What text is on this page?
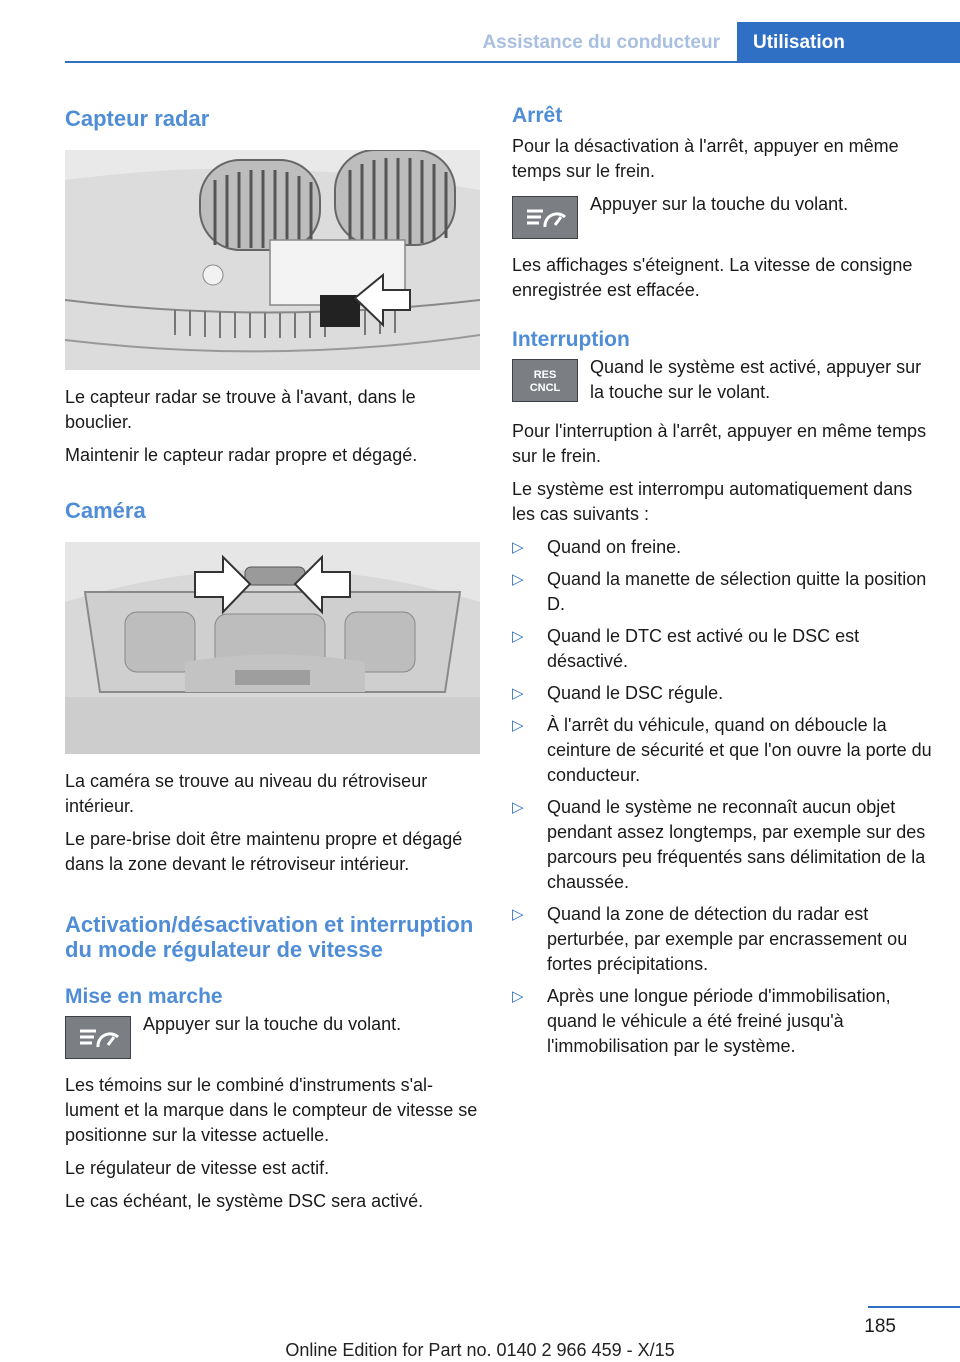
Assistance du conducteur	Utilisation
Capteur radar

Le capteur radar se trouve à l'avant, dans le bouclier.

Maintenir le capteur radar propre et dégagé.

Caméra

La caméra se trouve au niveau du rétroviseur intérieur.

Le pare-brise doit être maintenu propre et dégagé dans la zone devant le rétroviseur intérieur.

Activation/désactivation et interruption du mode régulateur de vitesse
Mise en marche

Appuyer sur la touche du volant.

Les témoins sur le combiné d'instruments s'allument et la marque dans le compteur de vitesse se positionne sur la vitesse actuelle.

Le régulateur de vitesse est actif.

Le cas échéant, le système DSC sera activé.

Arrêt

Pour la désactivation à l'arrêt, appuyer en même temps sur le frein.

Appuyer sur la touche du volant.

Les affichages s'éteignent. La vitesse de consigne enregistrée est effacée.

Interruption
RES
CNCL

Quand le système est activé, appuyer sur la touche sur le volant.

Pour l'interruption à l'arrêt, appuyer en même temps sur le frein.

Le système est interrompu automatiquement dans les cas suivants :

▷	Quand on freine.

▷	Quand la manette de sélection quitte la position D.

▷	Quand le DTC est activé ou le DSC est désactivé.

▷	Quand le DSC régule.

▷	À l'arrêt du véhicule, quand on déboucle la ceinture de sécurité et que l'on ouvre la porte du conducteur.

▷	Quand le système ne reconnaît aucun objet pendant assez longtemps, par exemple sur des parcours peu fréquentés sans délimitation de la chaussée.

▷	Quand la zone de détection du radar est perturbée, par exemple par encrassement ou fortes précipitations.

▷	Après une longue période d'immobilisation, quand le véhicule a été freiné jusqu'à l'immobilisation par le système.

185
Online Edition for Part no. 0140 2 966 459 - X/15
